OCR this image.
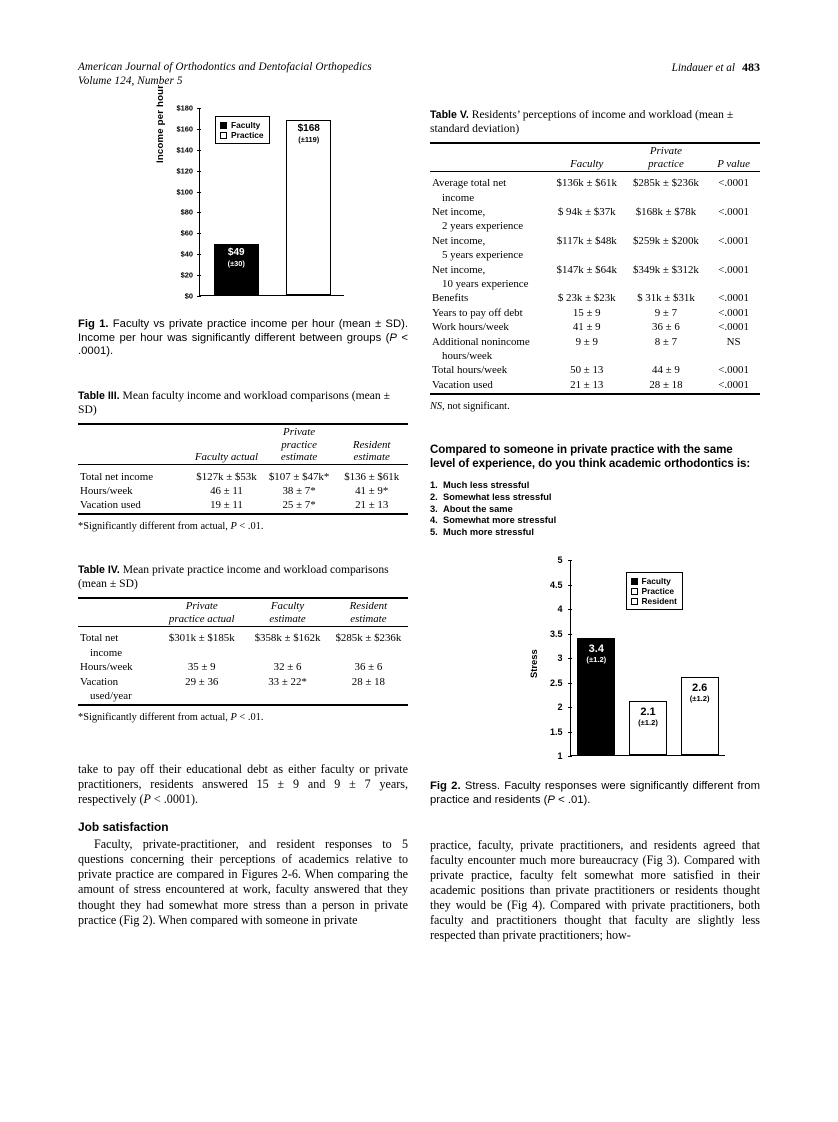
American Journal of Orthodontics and Dentofacial Orthopedics
Volume 124, Number 5
Lindauer et al 483
Income per hour
$0
$20
$40
$60
$80
$100
$120
$140
$160
$180
$49
(±30)
$168
(±119)
Faculty
Practice
Fig 1. Faculty vs private practice income per hour (mean ± SD). Income per hour was significantly different between groups (P < .0001).
Table III. Mean faculty income and workload comparisons (mean ± SD)

Faculty actual

Private
practice
estimate

Resident
estimate

Total net income	$127k ± $53k	$107 ± $47k*	$136 ± $61k
Hours/week	46 ± 11	38 ± 7*	41 ± 9*
Vacation used	19 ± 11	25 ± 7*	21 ± 13
*Significantly different from actual, P < .01.
Table IV. Mean private practice income and workload comparisons (mean ± SD)

Private
practice actual

Faculty
estimate

Resident
estimate

Total net	$301k ± $185k	$358k ± $162k	$285k ± $236k
income			
Hours/week	35 ± 9	32 ± 6	36 ± 6
Vacation	29 ± 36	33 ± 22*	28 ± 18
used/year			
*Significantly different from actual, P < .01.

take to pay off their educational debt as either faculty or private practitioners, residents answered 15 ± 9 and 9 ± 7 years, respectively (P < .0001).

Job satisfaction

Faculty, private-practitioner, and resident responses to 5 questions concerning their perceptions of academics relative to private practice are compared in Figures 2-6. When comparing the amount of stress encountered at work, faculty answered that they thought they had somewhat more stress than a person in private practice (Fig 2). When compared with someone in private

Table V. Residents’ perceptions of income and workload (mean ± standard deviation)

	Faculty	Private
practice	P value

Average total net	$136k ± $61k	$285k ± $236k	<.0001
income			
Net income,	$ 94k ± $37k	$168k ± $78k	<.0001
2 years experience			
Net income,	$117k ± $48k	$259k ± $200k	<.0001
5 years experience			
Net income,	$147k ± $64k	$349k ± $312k	<.0001
10 years experience			
Benefits	$ 23k ± $23k	$ 31k ± $31k	<.0001
Years to pay off debt	15 ± 9	9 ± 7	<.0001
Work hours/week	41 ± 9	36 ± 6	<.0001
Additional nonincome	9 ± 9	8 ± 7	NS
hours/week			
Total hours/week	50 ± 13	44 ± 9	<.0001
Vacation used	21 ± 13	28 ± 18	<.0001
NS, not significant.
Compared to someone in private practice with the same level of experience, do you think academic orthodontics is:
1. Much less stressful
2. Somewhat less stressful
3. About the same
4. Somewhat more stressful
5. Much more stressful
Stress
1
1.5
2
2.5
3
3.5
4
4.5
5
3.4
(±1.2)
2.1
(±1.2)
2.6
(±1.2)
Faculty
Practice
Resident
Fig 2. Stress. Faculty responses were significantly different from practice and residents (P < .01).

practice, faculty, private practitioners, and residents agreed that faculty encounter much more bureaucracy (Fig 3). Compared with private practice, faculty felt somewhat more satisfied in their academic positions than private practitioners or residents thought they would be (Fig 4). Compared with private practitioners, both faculty and practitioners thought that faculty are slightly less respected than private practitioners; how-
